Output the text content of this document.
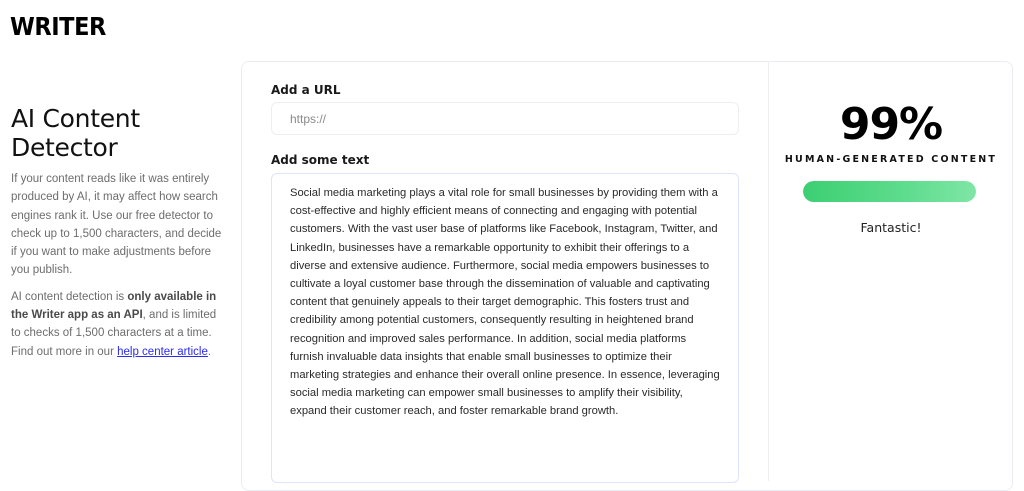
WRITER
AI Content Detector

If your content reads like it was entirely produced by AI, it may affect how search engines rank it. Use our free detector to check up to 1,500 characters, and decide if you want to make adjustments before you publish.

AI content detection is only available in the Writer app as an API, and is limited to checks of 1,500 characters at a time. Find out more in our help center article.

Add a URL
https://
Add some text
Social media marketing plays a vital role for small businesses by providing them with a cost-effective and highly efficient means of connecting and engaging with potential customers. With the vast user base of platforms like Facebook, Instagram, Twitter, and LinkedIn, businesses have a remarkable opportunity to exhibit their offerings to a diverse and extensive audience. Furthermore, social media empowers businesses to cultivate a loyal customer base through the dissemination of valuable and captivating content that genuinely appeals to their target demographic. This fosters trust and credibility among potential customers, consequently resulting in heightened brand recognition and improved sales performance. In addition, social media platforms furnish invaluable data insights that enable small businesses to optimize their marketing strategies and enhance their overall online presence. In essence, leveraging social media marketing can empower small businesses to amplify their visibility, expand their customer reach, and foster remarkable brand growth.
99%
HUMAN-GENERATED CONTENT
Fantastic!
